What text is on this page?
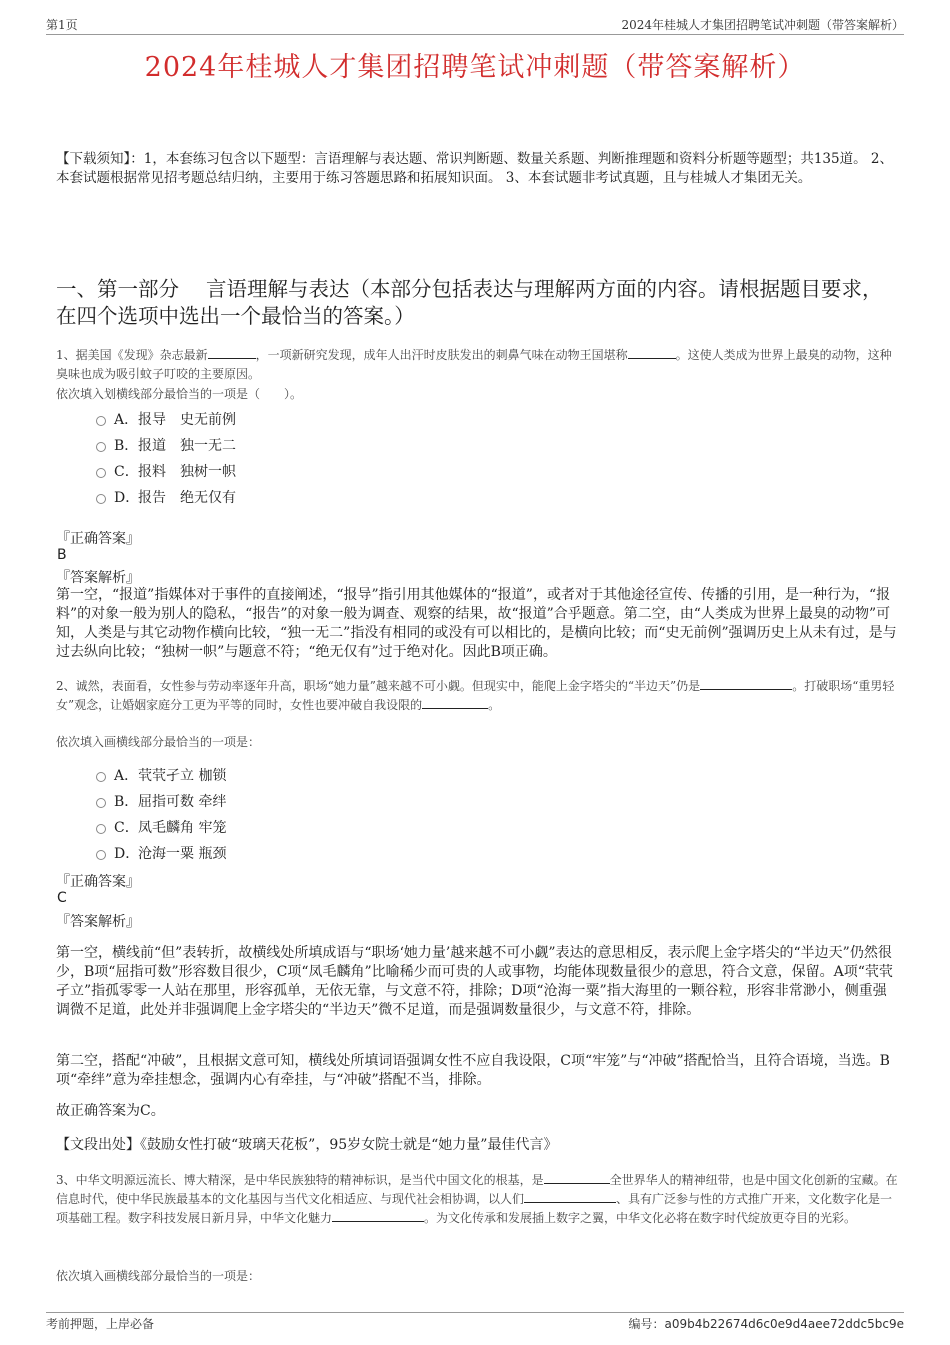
第1页	2024年桂城人才集团招聘笔试冲刺题（带答案解析）
2024年桂城人才集团招聘笔试冲刺题（带答案解析）
【下载须知】：1，本套练习包含以下题型：言语理解与表达题、常识判断题、数量关系题、判断推理题和资料分析题等题型；共135道。 2、本套试题根据常见招考题总结归纳，主要用于练习答题思路和拓展知识面。 3、本套试题非考试真题，且与桂城人才集团无关。
一、第一部分　 言语理解与表达（本部分包括表达与理解两方面的内容。请根据题目要求，在四个选项中选出一个最恰当的答案。）
1、据美国《发现》杂志最新	，一项新研究发现，成年人出汗时皮肤发出的刺鼻气味在动物王国堪称	。这使人类成为世界上最臭的动物，这种臭味也成为吸引蚊子叮咬的主要原因。
依次填入划横线部分最恰当的一项是（　　）。
A． 报导　史无前例
B． 报道　独一无二
C． 报料　独树一帜
D．
报告　绝无仅有
『正确答案』
B
『答案解析』
第一空，“报道”指媒体对于事件的直接阐述，“报导”指引用其他媒体的“报道”，或者对于其他途径宣传、传播的引用，是一种行为，“报料”的对象一般为别人的隐私，“报告”的对象一般为调查、观察的结果，故“报道”合乎题意。第二空，由“人类成为世界上最臭的动物”可知，人类是与其它动物作横向比较，“独一无二”指没有相同的或没有可以相比的，是横向比较；而“史无前例”强调历史上从未有过，是与过去纵向比较；“独树一帜”与题意不符；“绝无仅有”过于绝对化。因此B项正确。
2、诚然，表面看，女性参与劳动率逐年升高，职场“她力量”越来越不可小觑。但现实中，能爬上金字塔尖的“半边天”仍是	。打破职场“重男轻女”观念，让婚姻家庭分工更为平等的同时，女性也要冲破自我设限的	。
依次填入画横线部分最恰当的一项是：
A． 茕茕孑立 枷锁
B． 屈指可数 牵绊
C． 凤毛麟角 牢笼
D．
沧海一粟 瓶颈
『正确答案』
C
『答案解析』
第一空，横线前“但”表转折，故横线处所填成语与“职场‘她力量’越来越不可小觑”表达的意思相反，表示爬上金字塔尖的“半边天”仍然很少，B项“屈指可数”形容数目很少，C项“凤毛麟角”比喻稀少而可贵的人或事物，均能体现数量很少的意思，符合文意，保留。A项“茕茕孑立”指孤零零一人站在那里，形容孤单，无依无靠，与文意不符，排除；D项“沧海一粟”指大海里的一颗谷粒，形容非常渺小，侧重强调微不足道，此处并非强调爬上金字塔尖的“半边天”微不足道，而是强调数量很少，与文意不符，排除。
第二空，搭配“冲破”，且根据文意可知，横线处所填词语强调女性不应自我设限，C项“牢笼”与“冲破”搭配恰当，且符合语境，当选。B项“牵绊”意为牵挂想念，强调内心有牵挂，与“冲破”搭配不当，排除。
故正确答案为C。
【文段出处】《鼓励女性打破“玻璃天花板”，95岁女院士就是“她力量”最佳代言》
3、中华文明源远流长、博大精深，是中华民族独特的精神标识，是当代中国文化的根基，是	全世界华人的精神纽带，也是中国文化创新的宝藏。在信息时代，使中华民族最基本的文化基因与当代文化相适应、与现代社会相协调，以人们	、具有广泛参与性的方式推广开来，文化数字化是一项基础工程。数字科技发展日新月异，中华文化魅力	。为文化传承和发展插上数字之翼，中华文化必将在数字时代绽放更夺目的光彩。
依次填入画横线部分最恰当的一项是：
考前押题，上岸必备	编号：a09b4b22674d6c0e9d4aee72ddc5bc9e
